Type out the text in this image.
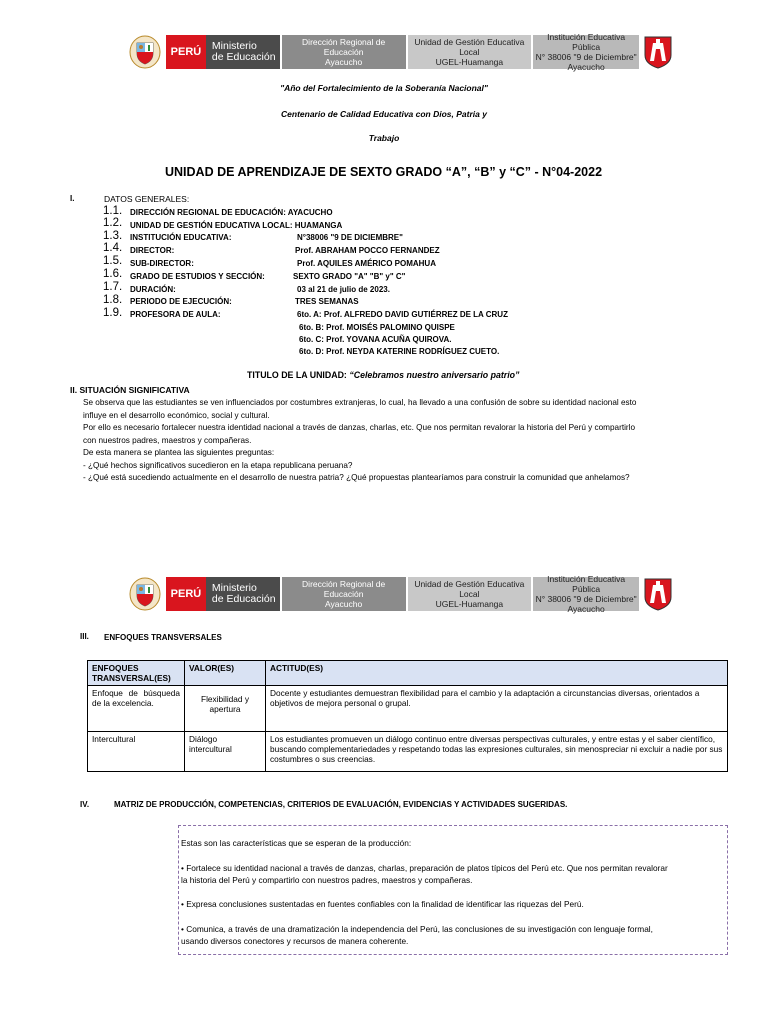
PERÚ	Ministerio
de Educación
Dirección Regional de Educación
Ayacucho
Unidad de Gestión Educativa Local
UGEL-Huamanga
Institución Educativa Pública
N° 38006 "9 de Diciembre"
Ayacucho
"Año del Fortalecimiento de la Soberanía Nacional"
Centenario de Calidad Educativa con Dios, Patria y
Trabajo
UNIDAD DE APRENDIZAJE DE SEXTO GRADO “A”, “B” y “C” - N°04-2022
I.	DATOS GENERALES:
1.1. DIRECCIÓN REGIONAL DE EDUCACIÓN: AYACUCHO
1.2. UNIDAD DE GESTIÓN EDUCATIVA LOCAL: HUAMANGA
1.3. INSTITUCIÓN EDUCATIVA:	N°38006 "9 DE DICIEMBRE"
1.4. DIRECTOR:	Prof. ABRAHAM POCCO FERNANDEZ
1.5. SUB-DIRECTOR:	Prof. AQUILES AMÉRICO POMAHUA
1.6. GRADO DE ESTUDIOS Y SECCIÓN:	SEXTO GRADO "A" "B" y" C"
1.7. DURACIÓN:	03 al 21 de julio de 2023.
1.8. PERIODO DE EJECUCIÓN:	TRES SEMANAS
1.9. PROFESORA DE AULA:	6to. A: Prof. ALFREDO DAVID GUTIÉRREZ DE LA CRUZ
6to. B: Prof. MOISÉS PALOMINO QUISPE
6to. C: Prof. YOVANA ACUÑA QUIROVA.
6to. D: Prof. NEYDA KATERINE RODRÍGUEZ CUETO.
TITULO DE LA UNIDAD: “Celebramos nuestro aniversario patrio”
II. SITUACIÓN SIGNIFICATIVA
Se observa que las estudiantes se ven influenciados por costumbres extranjeras, lo cual, ha llevado a una confusión de sobre su identidad nacional esto
influye en el desarrollo económico, social y cultural.
Por ello es necesario fortalecer nuestra identidad nacional a través de danzas, charlas, etc. Que nos permitan revalorar la historia del Perú y compartirlo
con nuestros padres, maestros y compañeras.
De esta manera se plantea las siguientes preguntas:
- ¿Qué hechos significativos sucedieron en la etapa republicana peruana?
- ¿Qué está sucediendo actualmente en el desarrollo de nuestra patria? ¿Qué propuestas plantearíamos para construir la comunidad que anhelamos?
PERÚ	Ministerio
de Educación
Dirección Regional de Educación
Ayacucho
Unidad de Gestión Educativa Local
UGEL-Huamanga
Institución Educativa Pública
N° 38006 "9 de Diciembre"
Ayacucho
III. ENFOQUES TRANSVERSALES
ENFOQUES TRANSVERSAL(ES)	VALOR(ES)	ACTITUD(ES)
Enfoque de búsqueda de la excelencia.	Flexibilidad y apertura	Docente y estudiantes demuestran flexibilidad para el cambio y la adaptación a circunstancias diversas, orientados a objetivos de mejora personal o grupal.
Intercultural	Diálogo intercultural	Los estudiantes promueven un diálogo continuo entre diversas perspectivas culturales, y entre estas y el saber científico, buscando complementariedades y respetando todas las expresiones culturales, sin menospreciar ni excluir a nadie por sus costumbres o sus creencias.
IV.	MATRIZ DE PRODUCCIÓN, COMPETENCIAS, CRITERIOS DE EVALUACIÓN, EVIDENCIAS Y ACTIVIDADES SUGERIDAS.

Estas son las características que se esperan de la producción:

• Fortalece su identidad nacional a través de danzas, charlas, preparación de platos típicos del Perú etc. Que nos permitan revalorar

la historia del Perú y compartirlo con nuestros padres, maestros y compañeras.

• Expresa conclusiones sustentadas en fuentes confiables con la finalidad de identificar las riquezas del Perú.

• Comunica, a través de una dramatización la independencia del Perú, las conclusiones de su investigación con lenguaje formal,

usando diversos conectores y recursos de manera coherente.
